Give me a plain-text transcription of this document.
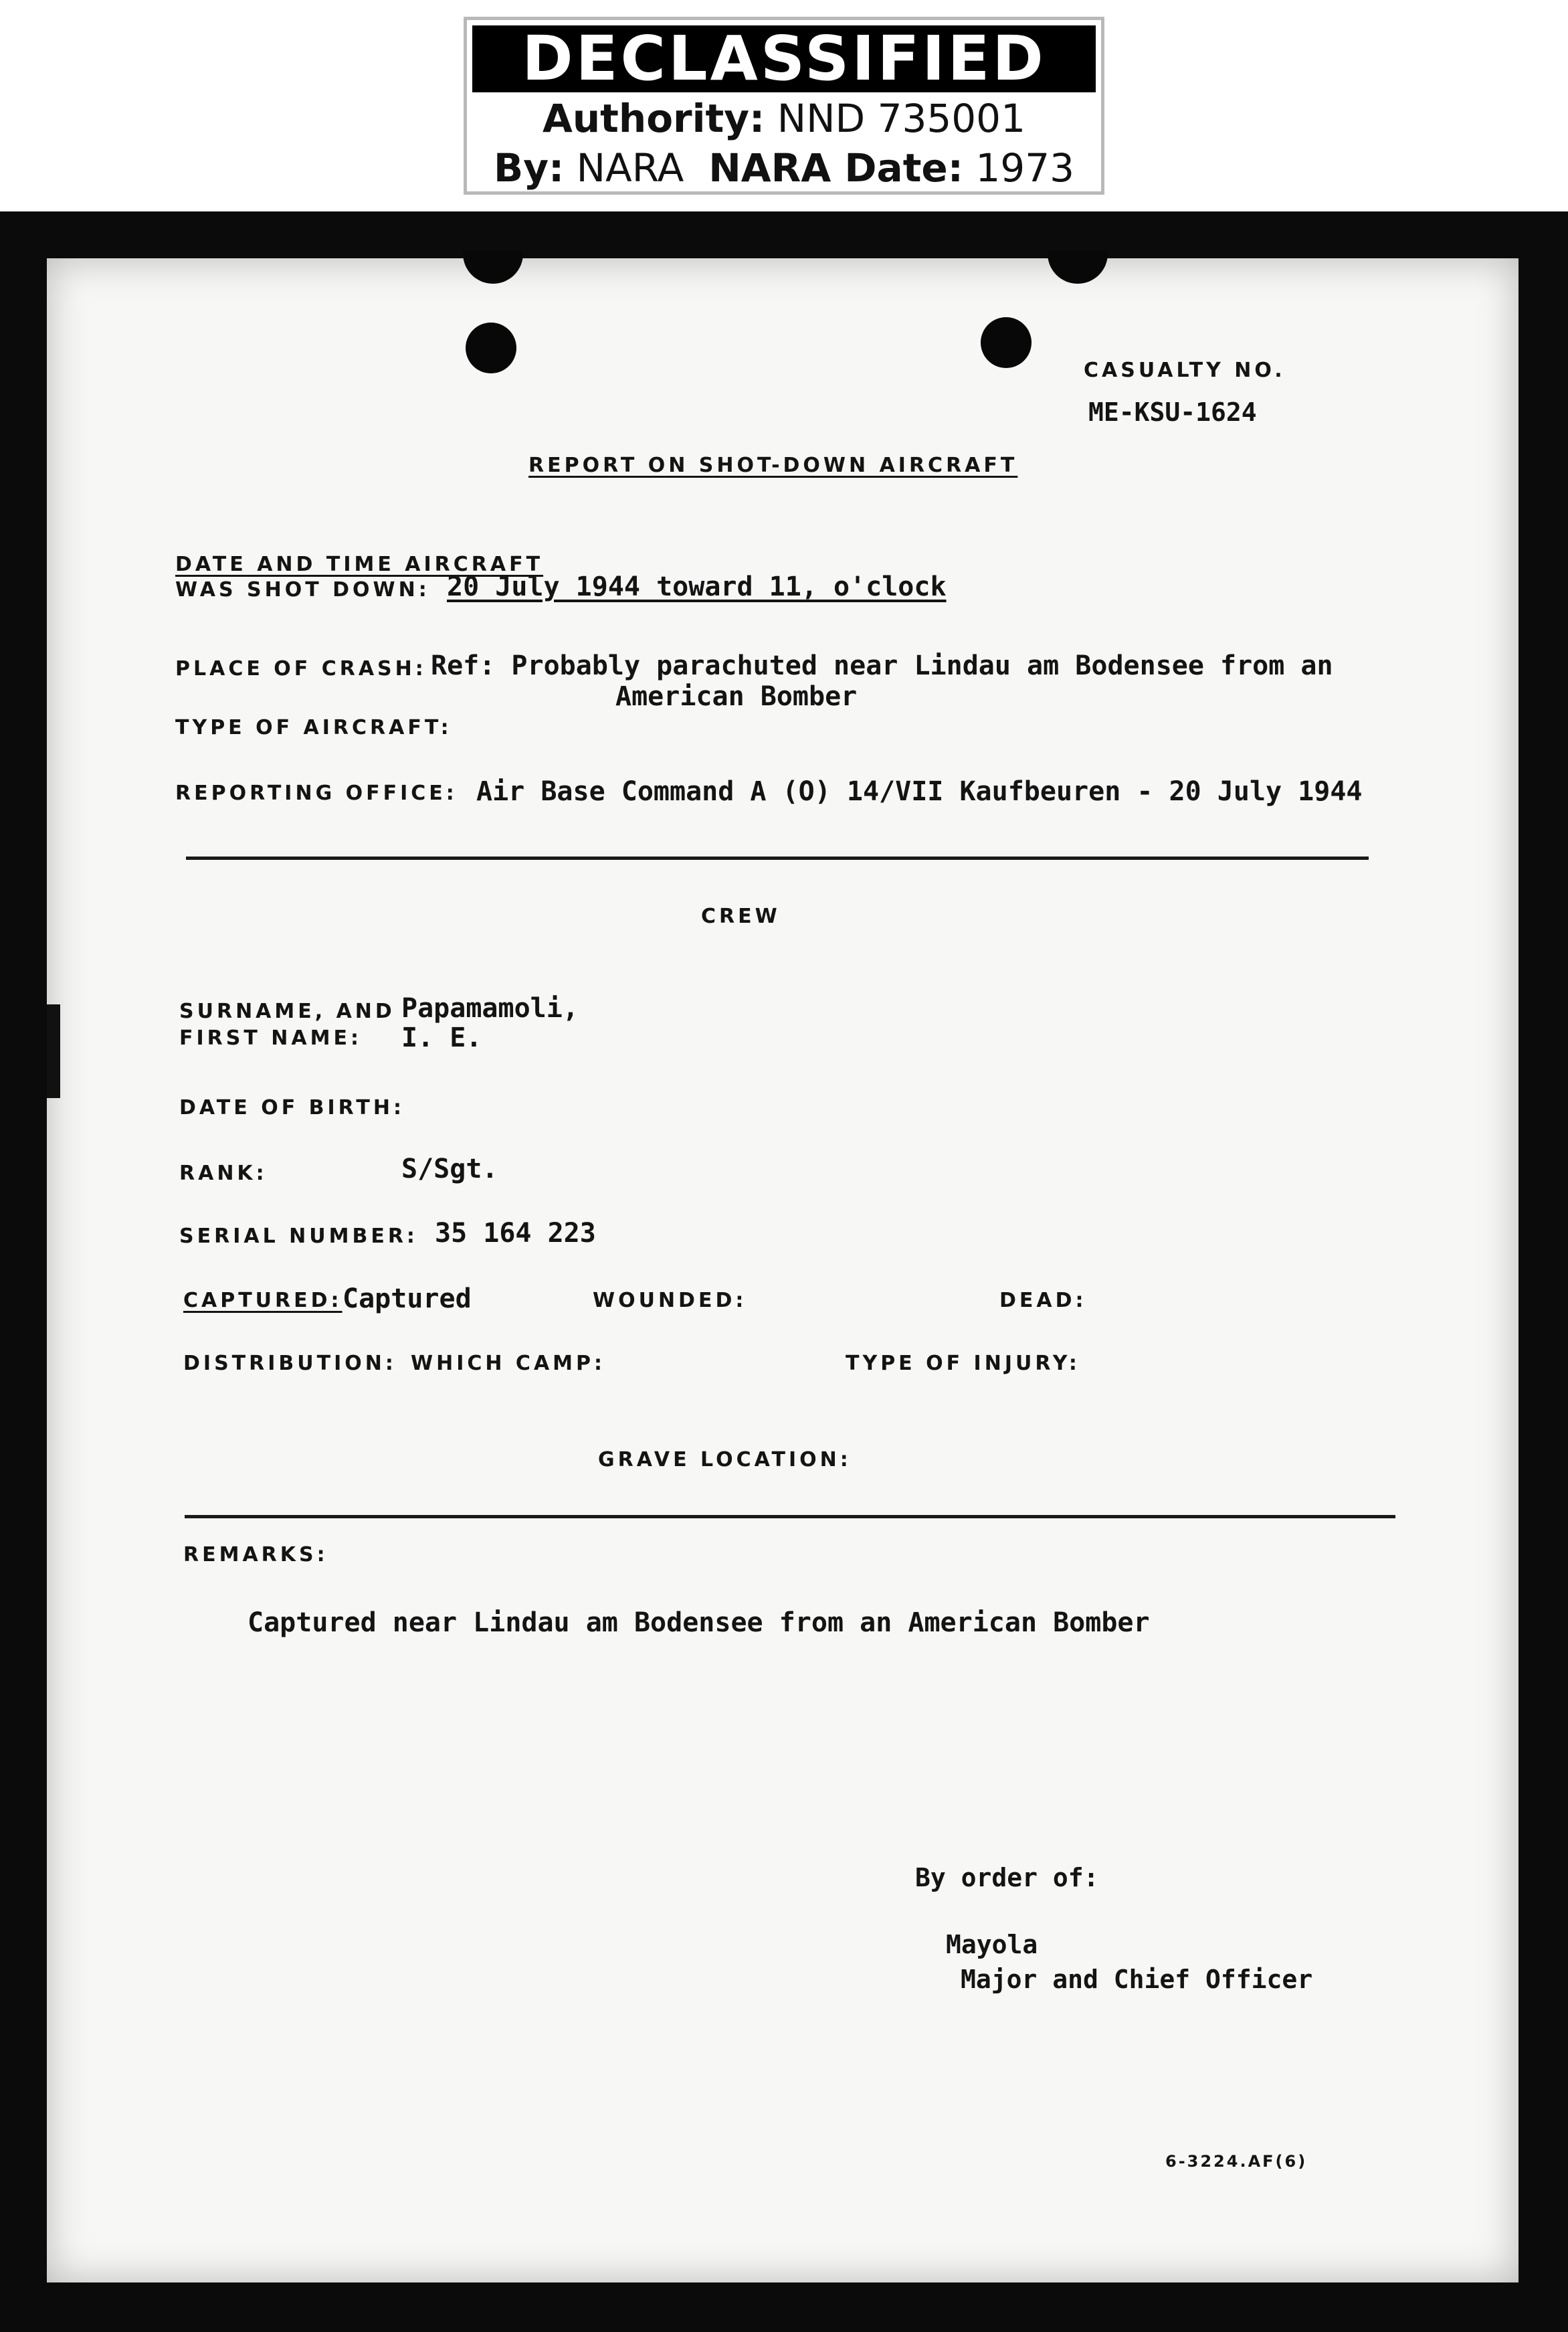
DECLASSIFIED
Authority: NND 735001
By: NARA NARA Date: 1973
CASUALTY NO.
ME-KSU-1624
REPORT ON SHOT-DOWN AIRCRAFT
DATE AND TIME AIRCRAFT
WAS SHOT DOWN: 20 July 1944 toward 11, o'clock
PLACE OF CRASH: Ref: Probably parachuted near Lindau am Bodensee from an
American Bomber
TYPE OF AIRCRAFT:
REPORTING OFFICE: Air Base Command A (O) 14/VII Kaufbeuren - 20 July 1944
CREW
SURNAME, AND
FIRST NAME:
Papamamoli,
I. E.
DATE OF BIRTH:
RANK:	S/Sgt.
SERIAL NUMBER: 35 164 223
CAPTURED: Captured	WOUNDED:	DEAD:
DISTRIBUTION: WHICH CAMP:	TYPE OF INJURY:
GRAVE LOCATION:
REMARKS:
Captured near Lindau am Bodensee from an American Bomber
By order of:
Mayola
Major and Chief Officer
6-3224.AF(6)
